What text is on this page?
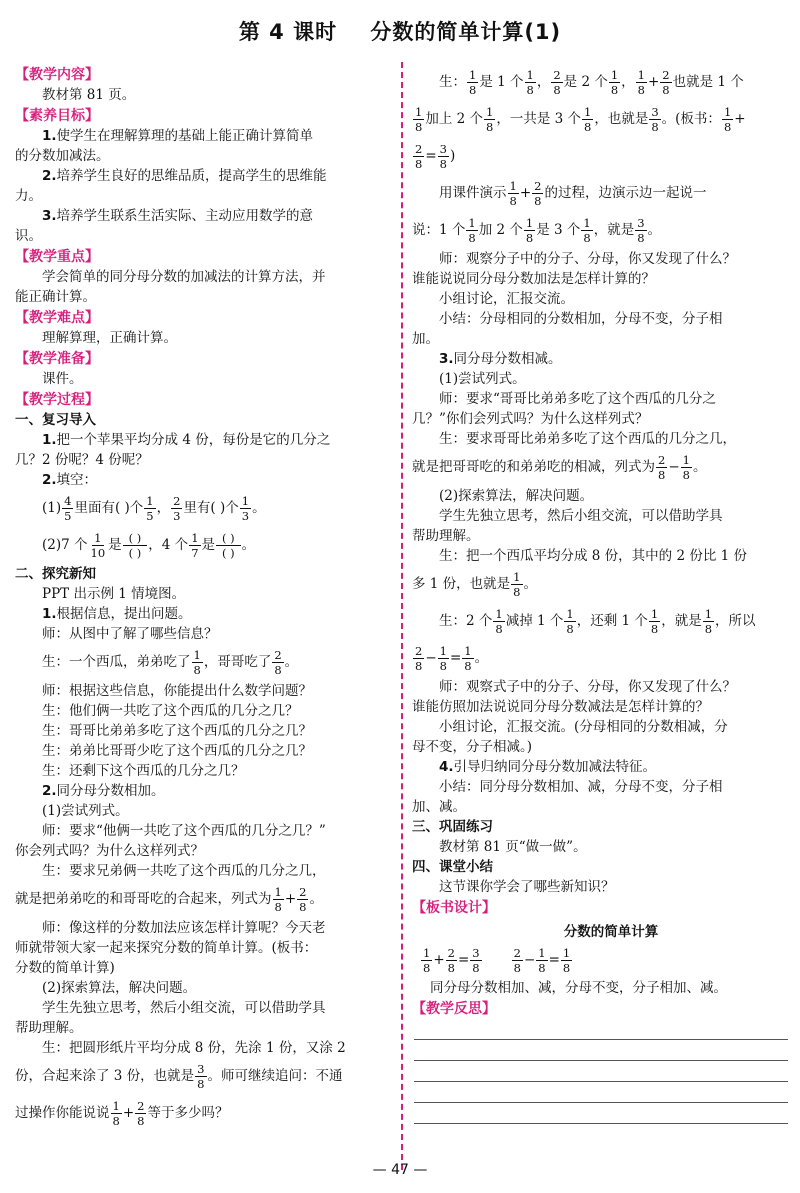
第 4 课时    分数的简单计算(1)
【教学内容】
教材第 81 页。
【素养目标】
1.使学生在理解算理的基础上能正确计算简单
的分数加减法。
2.培养学生良好的思维品质，提高学生的思维能
力。
3.培养学生联系生活实际、主动应用数学的意
识。
【教学重点】
学会简单的同分母分数的加减法的计算方法，并
能正确计算。
【教学难点】
理解算理，正确计算。
【教学准备】
课件。
【教学过程】
一、复习导入
1.把一个苹果平均分成 4 份，每份是它的几分之
几？2 份呢？4 份呢？
2.填空：
$(1) \frac{4}{5}$ 里面有( )个 $\frac{1}{5}$ ， $\frac{2}{3}$ 里有( )个 $\frac{1}{3}$ 。
(2)7 个 $\frac{1}{10}$ 是 $\frac{( )}{( )}$ ，4 个 $\frac{1}{7}$ 是 $\frac{( )}{( )}$ 。
二、探究新知
PPT 出示例 1 情境图。
1.根据信息，提出问题。
师：从图中了解了哪些信息？
生：一个西瓜，弟弟吃了 $\frac{1}{8}$ ，哥哥吃了 $\frac{2}{8}$ 。
师：根据这些信息，你能提出什么数学问题？
生：他们俩一共吃了这个西瓜的几分之几？
生：哥哥比弟弟多吃了这个西瓜的几分之几？
生：弟弟比哥哥少吃了这个西瓜的几分之几？
生：还剩下这个西瓜的几分之几？
2.同分母分数相加。
(1)尝试列式。
师：要求“他俩一共吃了这个西瓜的几分之几？”
你会列式吗？为什么这样列式？
生：要求兄弟俩一共吃了这个西瓜的几分之几，
就是把弟弟吃的和哥哥吃的合起来，列式为 $\frac{1}{8} + \frac{2}{8}$ 。
师：像这样的分数加法应该怎样计算呢？今天老
师就带领大家一起来探究分数的简单计算。(板书：
分数的简单计算)
(2)探索算法，解决问题。
学生先独立思考，然后小组交流，可以借助学具
帮助理解。
生：把圆形纸片平均分成 8 份，先涂 1 份，又涂 2
份，合起来涂了 3 份，也就是 $\frac{3}{8}$ 。师可继续追问：不通
过操作你能说说 $\frac{1}{8} + \frac{2}{8}$ 等于多少吗？
生： $\frac{1}{8}$ 是 1 个 $\frac{1}{8}$ ， $\frac{2}{8}$ 是 2 个 $\frac{1}{8}$ ， $\frac{1}{8} + \frac{2}{8}$ 也就是 1 个
$\frac{1}{8}$ 加上 2 个 $\frac{1}{8}$ ，一共是 3 个 $\frac{1}{8}$ ，也就是 $\frac{3}{8}$ 。(板书： $\frac{1}{8}$ +
$\frac{2}{8} = \frac{3}{8}$ )
用课件演示 $\frac{1}{8} + \frac{2}{8}$ 的过程，边演示边一起说一
说：1 个 $\frac{1}{8}$ 加 2 个 $\frac{1}{8}$ 是 3 个 $\frac{1}{8}$ ，就是 $\frac{3}{8}$ 。
师：观察分子中的分子、分母，你又发现了什么？
谁能说说同分母分数加法是怎样计算的？
小组讨论，汇报交流。
小结：分母相同的分数相加，分母不变，分子相
加。
3.同分母分数相减。
(1)尝试列式。
师：要求“哥哥比弟弟多吃了这个西瓜的几分之
几？”你们会列式吗？为什么这样列式？
生：要求哥哥比弟弟多吃了这个西瓜的几分之几，
就是把哥哥吃的和弟弟吃的相减，列式为 $\frac{2}{8} - \frac{1}{8}$ 。
(2)探索算法，解决问题。
学生先独立思考，然后小组交流，可以借助学具
帮助理解。
生：把一个西瓜平均分成 8 份，其中的 2 份比 1 份
多 1 份，也就是 $\frac{1}{8}$ 。
生：2 个 $\frac{1}{8}$ 减掉 1 个 $\frac{1}{8}$ ，还剩 1 个 $\frac{1}{8}$ ，就是 $\frac{1}{8}$ ，所以
$\frac{2}{8} - \frac{1}{8} = \frac{1}{8}$ 。
师：观察式子中的分子、分母，你又发现了什么？
谁能仿照加法说说同分母分数减法是怎样计算的？
小组讨论，汇报交流。(分母相同的分数相减，分
母不变，分子相减。)
4.引导归纳同分母分数加减法特征。
小结：同分母分数相加、减，分母不变，分子相
加、减。
三、巩固练习
教材第 81 页“做一做”。
四、课堂小结
这节课你学会了哪些新知识？
【板书设计】
分数的简单计算
$\frac{1}{8} + \frac{2}{8} = \frac{3}{8}$	$\frac{2}{8} - \frac{1}{8} = \frac{1}{8}$
同分母分数相加、减，分母不变，分子相加、减。
【教学反思】
— 47 —
